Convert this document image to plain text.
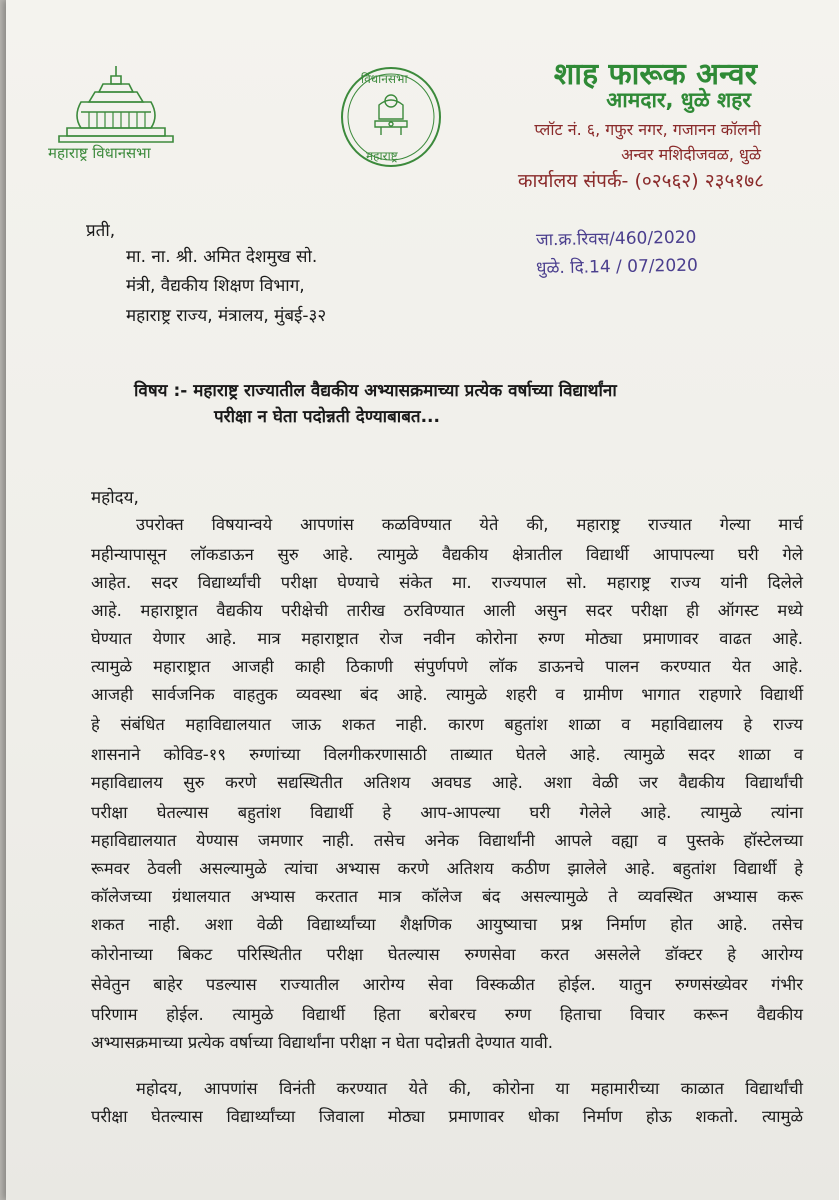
महाराष्ट्र विधानसभा
विधानसभा
महाराष्ट्र
शाह फारूक अन्वर
आमदार, धुळे शहर
प्लॉट नं. ६, गफुर नगर, गजानन कॉलनी
अन्वर मशिदीजवळ, धुळे
कार्यालय संपर्क- (०२५६२) २३५१७८
प्रती,
मा. ना. श्री. अमित देशमुख सो.
मंत्री, वैद्यकीय शिक्षण विभाग,
महाराष्ट्र राज्य, मंत्रालय, मुंबई-३२
जा.क्र.रिवस/460/2020
धुळे. दि.14 / 07/2020
विषय :- महाराष्ट्र राज्यातील वैद्यकीय अभ्यासक्रमाच्या प्रत्येक वर्षाच्या विद्यार्थांना
परीक्षा न घेता पदोन्नती देण्याबाबत...
महोदय,
उपरोक्त विषयान्वये आपणांस कळविण्यात येते की, महाराष्ट्र राज्यात गेल्या मार्च
महीन्यापासून लॉकडाऊन सुरु आहे. त्यामुळे वैद्यकीय क्षेत्रातील विद्यार्थी आपापल्या घरी गेले
आहेत. सदर विद्यार्थ्यांची परीक्षा घेण्याचे संकेत मा. राज्यपाल सो. महाराष्ट्र राज्य यांनी दिलेले
आहे. महाराष्ट्रात वैद्यकीय परीक्षेची तारीख ठरविण्यात आली असुन सदर परीक्षा ही ऑगस्ट मध्ये
घेण्यात येणार आहे. मात्र महाराष्ट्रात रोज नवीन कोरोना रुग्ण मोठ्या प्रमाणावर वाढत आहे.
त्यामुळे महाराष्ट्रात आजही काही ठिकाणी संपुर्णपणे लॉक डाऊनचे पालन करण्यात येत आहे.
आजही सार्वजनिक वाहतुक व्यवस्था बंद आहे. त्यामुळे शहरी व ग्रामीण भागात राहणारे विद्यार्थी
हे संबंधित महाविद्यालयात जाऊ शकत नाही. कारण बहुतांश शाळा व महाविद्यालय हे राज्य
शासनाने कोविड-१९ रुग्णांच्या विलगीकरणासाठी ताब्यात घेतले आहे. त्यामुळे सदर शाळा व
महाविद्यालय सुरु करणे सद्यस्थितीत अतिशय अवघड आहे. अशा वेळी जर वैद्यकीय विद्यार्थांची
परीक्षा घेतल्यास बहुतांश विद्यार्थी हे आप-आपल्या घरी गेलेले आहे. त्यामुळे त्यांना
महाविद्यालयात येण्यास जमणार नाही. तसेच अनेक विद्यार्थांनी आपले वह्या व पुस्तके हॉस्टेलच्या
रूमवर ठेवली असल्यामुळे त्यांचा अभ्यास करणे अतिशय कठीण झालेले आहे. बहुतांश विद्यार्थी हे
कॉलेजच्या ग्रंथालयात अभ्यास करतात मात्र कॉलेज बंद असल्यामुळे ते व्यवस्थित अभ्यास करू
शकत नाही. अशा वेळी विद्यार्थ्यांच्या शैक्षणिक आयुष्याचा प्रश्न निर्माण होत आहे. तसेच
कोरोनाच्या बिकट परिस्थितीत परीक्षा घेतल्यास रुग्णसेवा करत असलेले डॉक्टर हे आरोग्य
सेवेतुन बाहेर पडल्यास राज्यातील आरोग्य सेवा विस्कळीत होईल. यातुन रुग्णसंख्येवर गंभीर
परिणाम होईल. त्यामुळे विद्यार्थी हिता बरोबरच रुग्ण हिताचा विचार करून वैद्यकीय
अभ्यासक्रमाच्या प्रत्येक वर्षाच्या विद्यार्थांना परीक्षा न घेता पदोन्नती देण्यात यावी.
महोदय, आपणांस विनंती करण्यात येते की, कोरोना या महामारीच्या काळात विद्यार्थांची
परीक्षा घेतल्यास विद्यार्थ्यांच्या जिवाला मोठ्या प्रमाणावर धोका निर्माण होऊ शकतो. त्यामुळे
